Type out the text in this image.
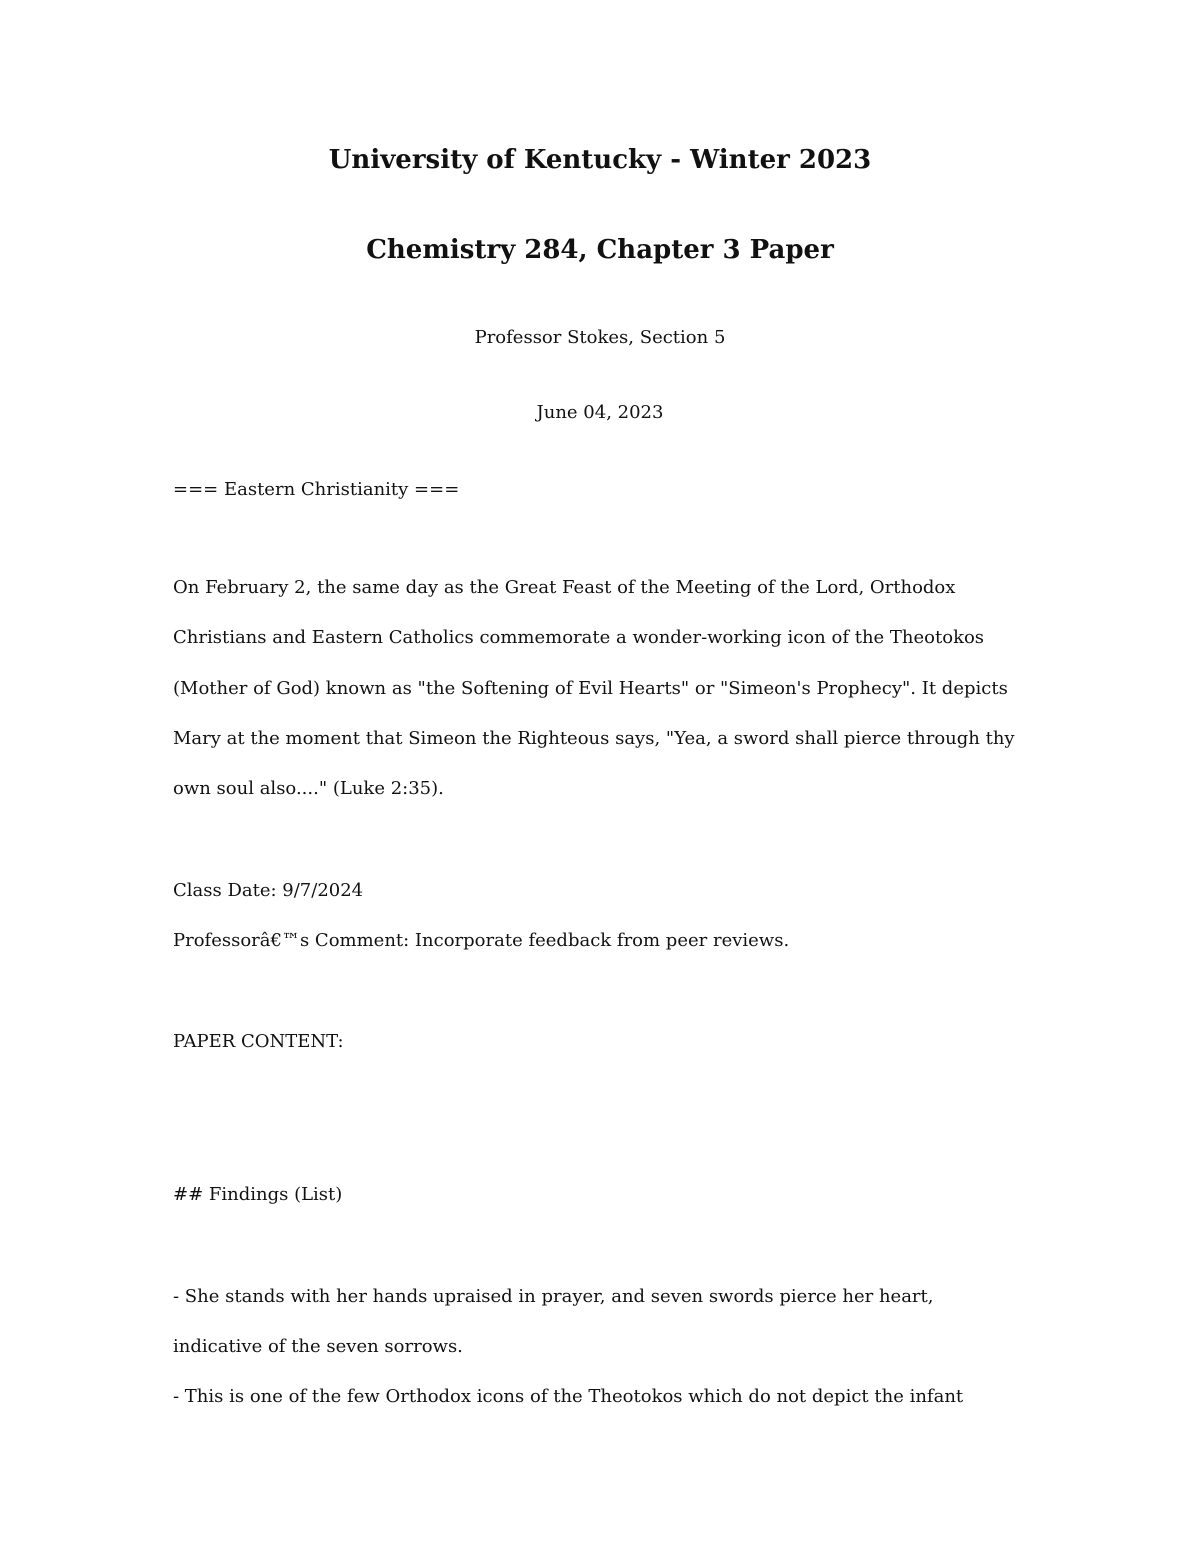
University of Kentucky - Winter 2023
Chemistry 284, Chapter 3 Paper
Professor Stokes, Section 5
June 04, 2023
=== Eastern Christianity ===
On February 2, the same day as the Great Feast of the Meeting of the Lord, Orthodox
Christians and Eastern Catholics commemorate a wonder-working icon of the Theotokos
(Mother of God) known as "the Softening of Evil Hearts" or "Simeon's Prophecy". It depicts
Mary at the moment that Simeon the Righteous says, "Yea, a sword shall pierce through thy
own soul also...." (Luke 2:35).
Class Date: 9/7/2024
Professorâ€™s Comment: Incorporate feedback from peer reviews.
PAPER CONTENT:
## Findings (List)
- She stands with her hands upraised in prayer, and seven swords pierce her heart,
indicative of the seven sorrows.
- This is one of the few Orthodox icons of the Theotokos which do not depict the infant
